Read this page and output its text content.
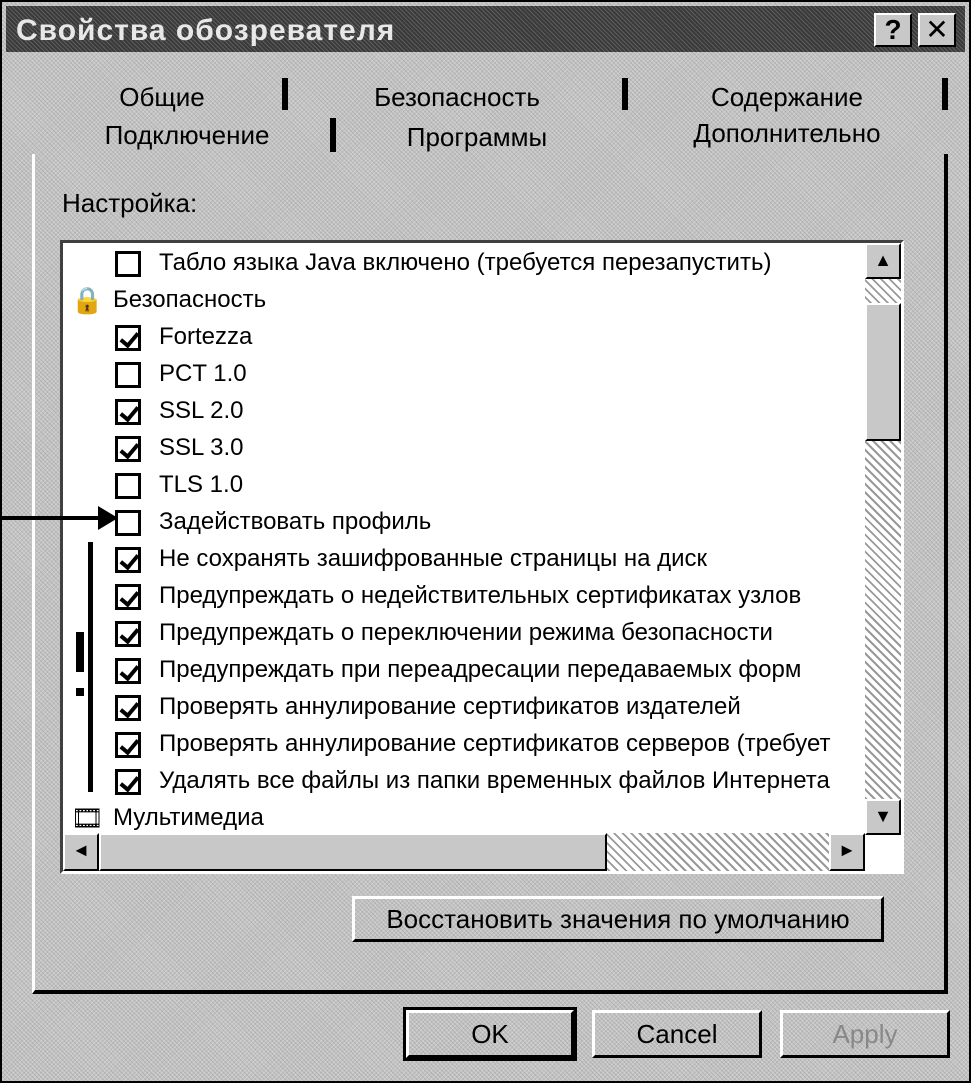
Свойства обозревателя	? ✕
Общие	Безопасность	Содержание
Подключение	Программы	Дополнительно
Настройка:
Табло языка Java включено (требуется перезапустить)
🔒 Безопасность
Fortezza
PCT 1.0
SSL 2.0
SSL 3.0
TLS 1.0
Задействовать профиль
Не сохранять зашифрованные страницы на диск
Предупреждать о недействительных сертификатах узлов
Предупреждать о переключении режима безопасности
Предупреждать при переадресации передаваемых форм
Проверять аннулирование сертификатов издателей
Проверять аннулирование сертификатов серверов (требует
Удалять все файлы из папки временных файлов Интернета
🎞 Мультимедиа
▲
▼
◄	►
Восстановить значения по умолчанию
OK	Cancel	Apply
